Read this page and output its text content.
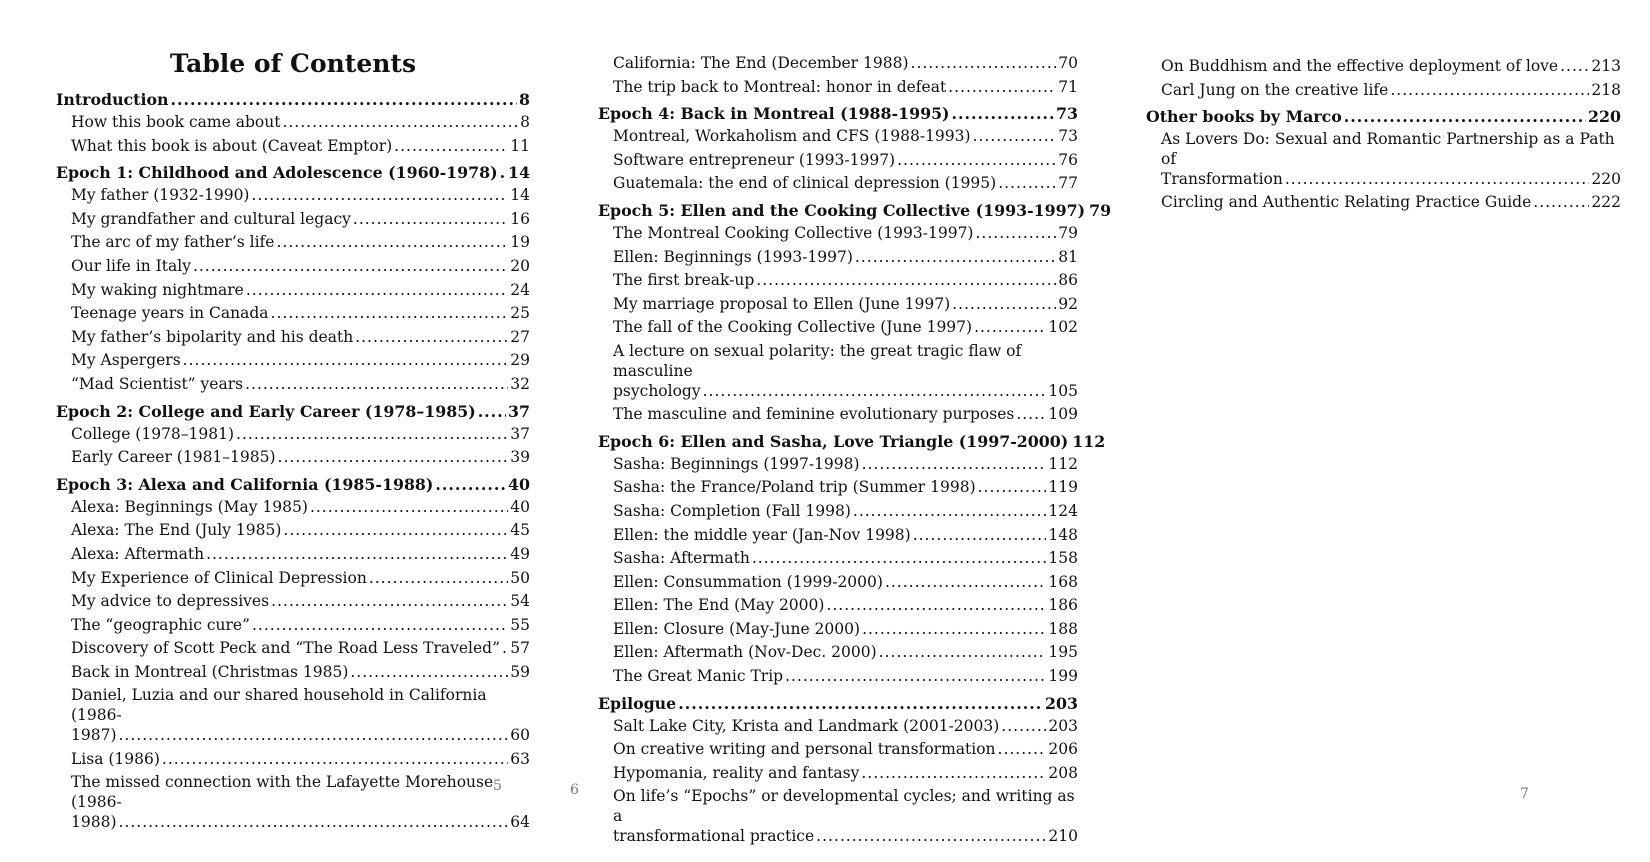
Table of Contents
Introduction .....	8
How this book came about .....	8
What this book is about (Caveat Emptor) .....	11
Epoch 1: Childhood and Adolescence (1960-1978) ..... 14
My father (1932-1990) .....	14
My grandfather and cultural legacy .....	16
The arc of my father’s life .....	19
Our life in Italy .....	20
My waking nightmare .....	24
Teenage years in Canada .....	25
My father’s bipolarity and his death .....	27
My Aspergers .....	29
“Mad Scientist” years .....	32
Epoch 2: College and Early Career (1978–1985) ..... 37
College (1978–1981) .....	37
Early Career (1981–1985) .....	39
Epoch 3: Alexa and California (1985-1988) .....	40
Alexa: Beginnings (May 1985) .....	40
Alexa: The End (July 1985) .....	45
Alexa: Aftermath .....	49
My Experience of Clinical Depression .....	50
My advice to depressives .....	54
The “geographic cure” .....	55
Discovery of Scott Peck and “The Road Less Traveled” ..... 57
Back in Montreal (Christmas 1985) .....	59
Daniel, Luzia and our shared household in California (1986-
1987) .....	60
Lisa (1986) .....	63
The missed connection with the Lafayette Morehouse (1986-
1988) .....	64
5
California: The End (December 1988) .....	70
The trip back to Montreal: honor in defeat .....	71
Epoch 4: Back in Montreal (1988-1995) .....	73
Montreal, Workaholism and CFS (1988-1993) .....	73
Software entrepreneur (1993-1997) .....	76
Guatemala: the end of clinical depression (1995) .....	77
Epoch 5: Ellen and the Cooking Collective (1993-1997) 79
The Montreal Cooking Collective (1993-1997) .....	79
Ellen: Beginnings (1993-1997) .....	81
The first break-up .....	86
My marriage proposal to Ellen (June 1997) .....	92
The fall of the Cooking Collective (June 1997) .....	102
A lecture on sexual polarity: the great tragic flaw of masculine
psychology .....	105
The masculine and feminine evolutionary purposes ..... 109
Epoch 6: Ellen and Sasha, Love Triangle (1997-2000) 112
Sasha: Beginnings (1997-1998) .....	112
Sasha: the France/Poland trip (Summer 1998) .....	119
Sasha: Completion (Fall 1998) .....	124
Ellen: the middle year (Jan-Nov 1998) .....	148
Sasha: Aftermath .....	158
Ellen: Consummation (1999-2000) .....	168
Ellen: The End (May 2000) .....	186
Ellen: Closure (May-June 2000) .....	188
Ellen: Aftermath (Nov-Dec. 2000) .....	195
The Great Manic Trip .....	199
Epilogue .....	203
Salt Lake City, Krista and Landmark (2001-2003) .....	203
On creative writing and personal transformation .....	206
Hypomania, reality and fantasy .....	208
On life’s “Epochs” or developmental cycles; and writing as a
transformational practice .....	210
6
On Buddhism and the effective deployment of love ..... 213
Carl Jung on the creative life .....	218
Other books by Marco .....	220
As Lovers Do: Sexual and Romantic Partnership as a Path of
Transformation .....	220
Circling and Authentic Relating Practice Guide .....	222
7
